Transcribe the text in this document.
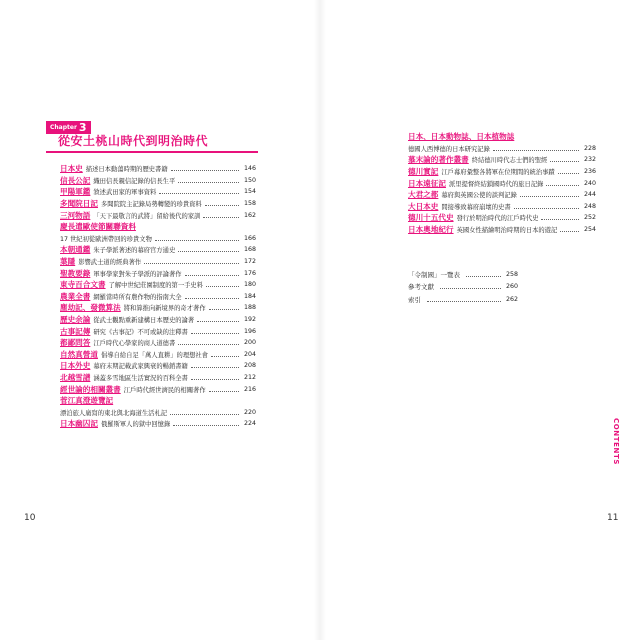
Chapter 3
從安土桃山時代到明治時代
日本史 描述日本動蕩時期的歷史書籍	146
信長公記 織田信長親信記錄的信長生平	150
甲陽軍鑑 敘述武田家的軍事資料	154
多聞院日記 多聞院院主記錄局勢轉變的珍貴資料	158
三河物語 「天下最敬言的武將」留給後代的家訓	162
慶長遣歐使節關聯資料
17 世紀初從歐洲帶回的珍貴文物	166
本朝通鑑 朱子學派著述的幕府官方通史	168
葉隱 影響武士道的經典著作	172
聖教要錄 軍事學家對朱子學派的評論著作	176
東寺百合文書 了解中世紀莊園制度的第一手史料	180
農業全書 網羅當時所有農作物的指南大全	184
塵劫記、發微算法 將和算推向新境界的奇才著作	188
歷史余論 從武士觀點重新建構日本歷史的論著	192
古事記傳 研究《古事記》不可或缺的注釋書	196
都鄙問答 江戶時代心學家的商人道德書	200
自然真營道 倡導自給自足「萬人直耕」的理想社會	204
日本外史 幕府末期記載武家興衰的暢銷書籍	208
北越雪譜 涵蓋多雪地區生活實況的百科全書	212
經世論的相關叢書 江戶時代經世濟民的相關著作	216
菅江真澄遊覽記
漂泊旅人廣寫的東北與北海道生活札記	220
日本幽囚記 俄羅斯軍人的獄中回憶錄	224
10
日本、日本動物誌、日本植物誌
德國人西博德的日本研究記錄	228
慕末論的著作叢書 終結德川時代志士們的聖經	232
德川實記 江戶幕府彙整各將軍在位期間的統治事蹟	236
日本遠征記 派里提督終結鎖國時代的旅日記錄	240
大君之都 幕府與英國公使的談判記錄	244
大日本史 間接導致幕府崩壞的史書	248
德川十五代史 發行於明治時代的江戶時代史	252
日本奧地紀行 英國女性描繪明治時期的日本的遊記	254
「令制國」一覽表	258
參考文獻	260
索引	262
CONTENTS
11
